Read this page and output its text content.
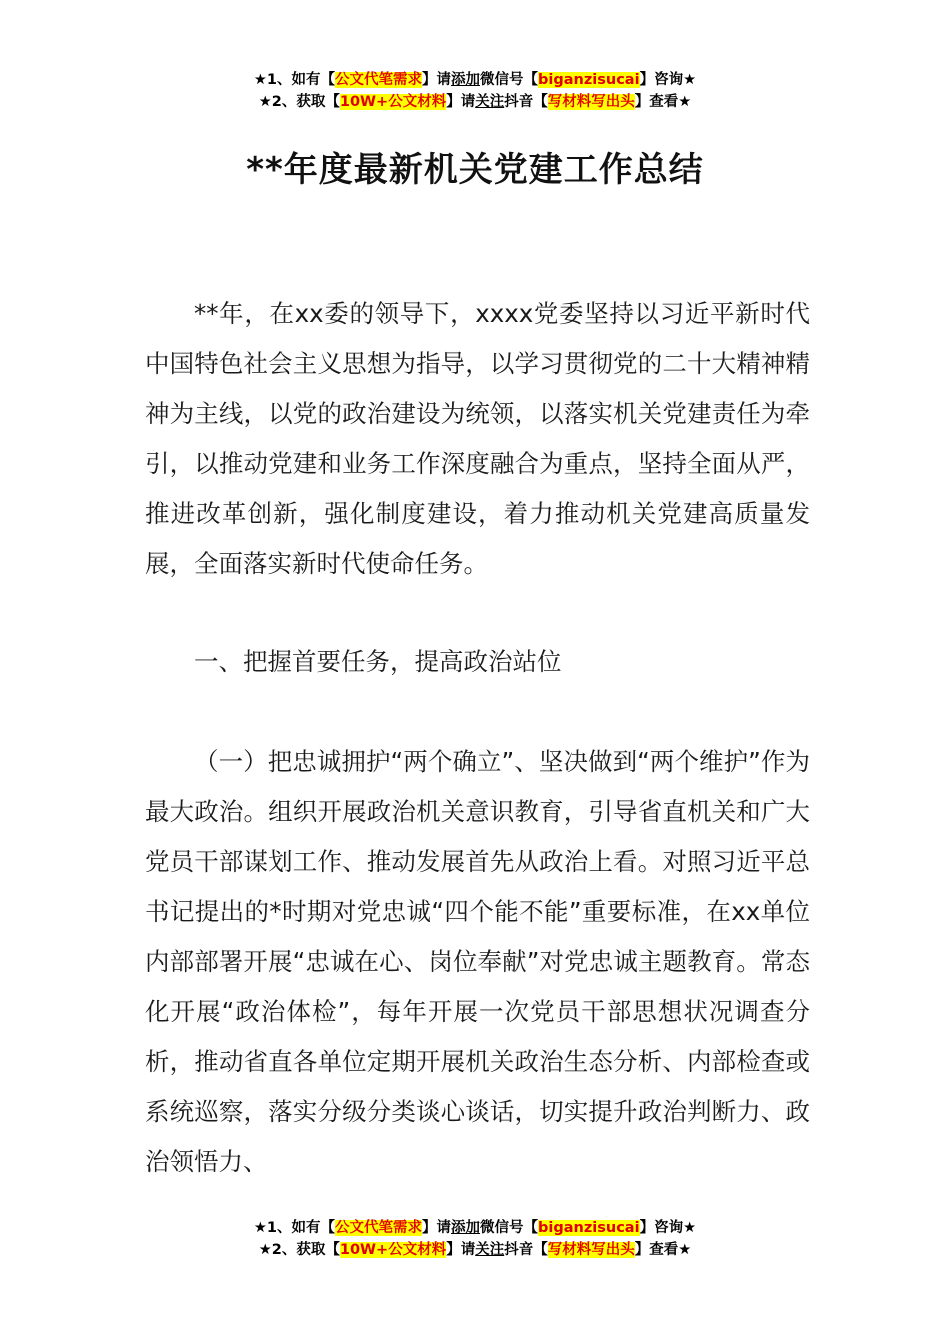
★1、如有【公文代笔需求】请添加微信号【biganzisucai】咨询★
★2、获取【10W+公文材料】请关注抖音【写材料写出头】查看★
**年度最新机关党建工作总结

**年，在xx委的领导下，xxxx党委坚持以习近平新时代中国特色社会主义思想为指导，以学习贯彻党的二十大精神精神为主线，以党的政治建设为统领，以落实机关党建责任为牵引，以推动党建和业务工作深度融合为重点，坚持全面从严，推进改革创新，强化制度建设，着力推动机关党建高质量发展，全面落实新时代使命任务。

一、把握首要任务，提高政治站位

（一）把忠诚拥护“两个确立”、坚决做到“两个维护”作为最大政治。组织开展政治机关意识教育，引导省直机关和广大党员干部谋划工作、推动发展首先从政治上看。对照习近平总书记提出的*时期对党忠诚“四个能不能”重要标准，在xx单位内部部署开展“忠诚在心、岗位奉献”对党忠诚主题教育。常态化开展“政治体检”，每年开展一次党员干部思想状况调查分析，推动省直各单位定期开展机关政治生态分析、内部检查或系统巡察，落实分级分类谈心谈话，切实提升政治判断力、政治领悟力、

★1、如有【公文代笔需求】请添加微信号【biganzisucai】咨询★
★2、获取【10W+公文材料】请关注抖音【写材料写出头】查看★
